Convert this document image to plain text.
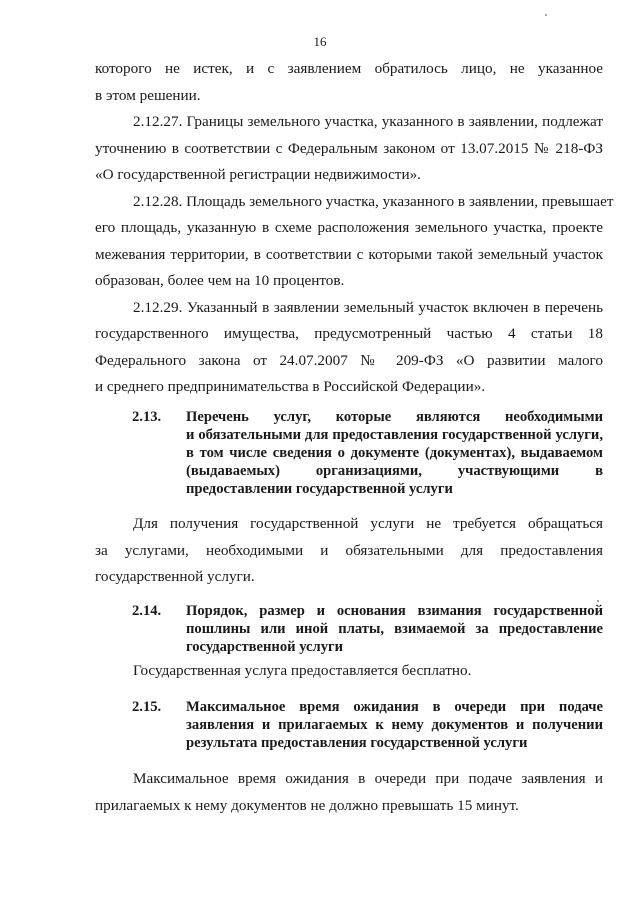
16
которого не истек, и с заявлением обратилось лицо, не указанное
в этом решении.
2.12.27. Границы земельного участка, указанного в заявлении, подлежат
уточнению в соответствии с Федеральным законом от 13.07.2015 № 218-ФЗ
«О государственной регистрации недвижимости».
2.12.28. Площадь земельного участка, указанного в заявлении, превышает
его площадь, указанную в схеме расположения земельного участка, проекте
межевания территории, в соответствии с которыми такой земельный участок
образован, более чем на 10 процентов.
2.12.29. Указанный в заявлении земельный участок включен в перечень
государственного имущества, предусмотренный частью 4 статьи 18
Федерального закона от 24.07.2007 № 209-ФЗ «О развитии малого
и среднего предпринимательства в Российской Федерации».
2.13. Перечень услуг, которые являются необходимыми
и обязательными для предоставления государственной услуги,
в том числе сведения о документе (документах), выдаваемом
(выдаваемых) организациями, участвующими в
предоставлении государственной услуги
Для получения государственной услуги не требуется обращаться
за услугами, необходимыми и обязательными для предоставления
государственной услуги.
2.14. Порядок, размер и основания взимания государственной
пошлины или иной платы, взимаемой за предоставление
государственной услуги
Государственная услуга предоставляется бесплатно.
2.15. Максимальное время ожидания в очереди при подаче
заявления и прилагаемых к нему документов и получении
результата предоставления государственной услуги
Максимальное время ожидания в очереди при подаче заявления и
прилагаемых к нему документов не должно превышать 15 минут.
